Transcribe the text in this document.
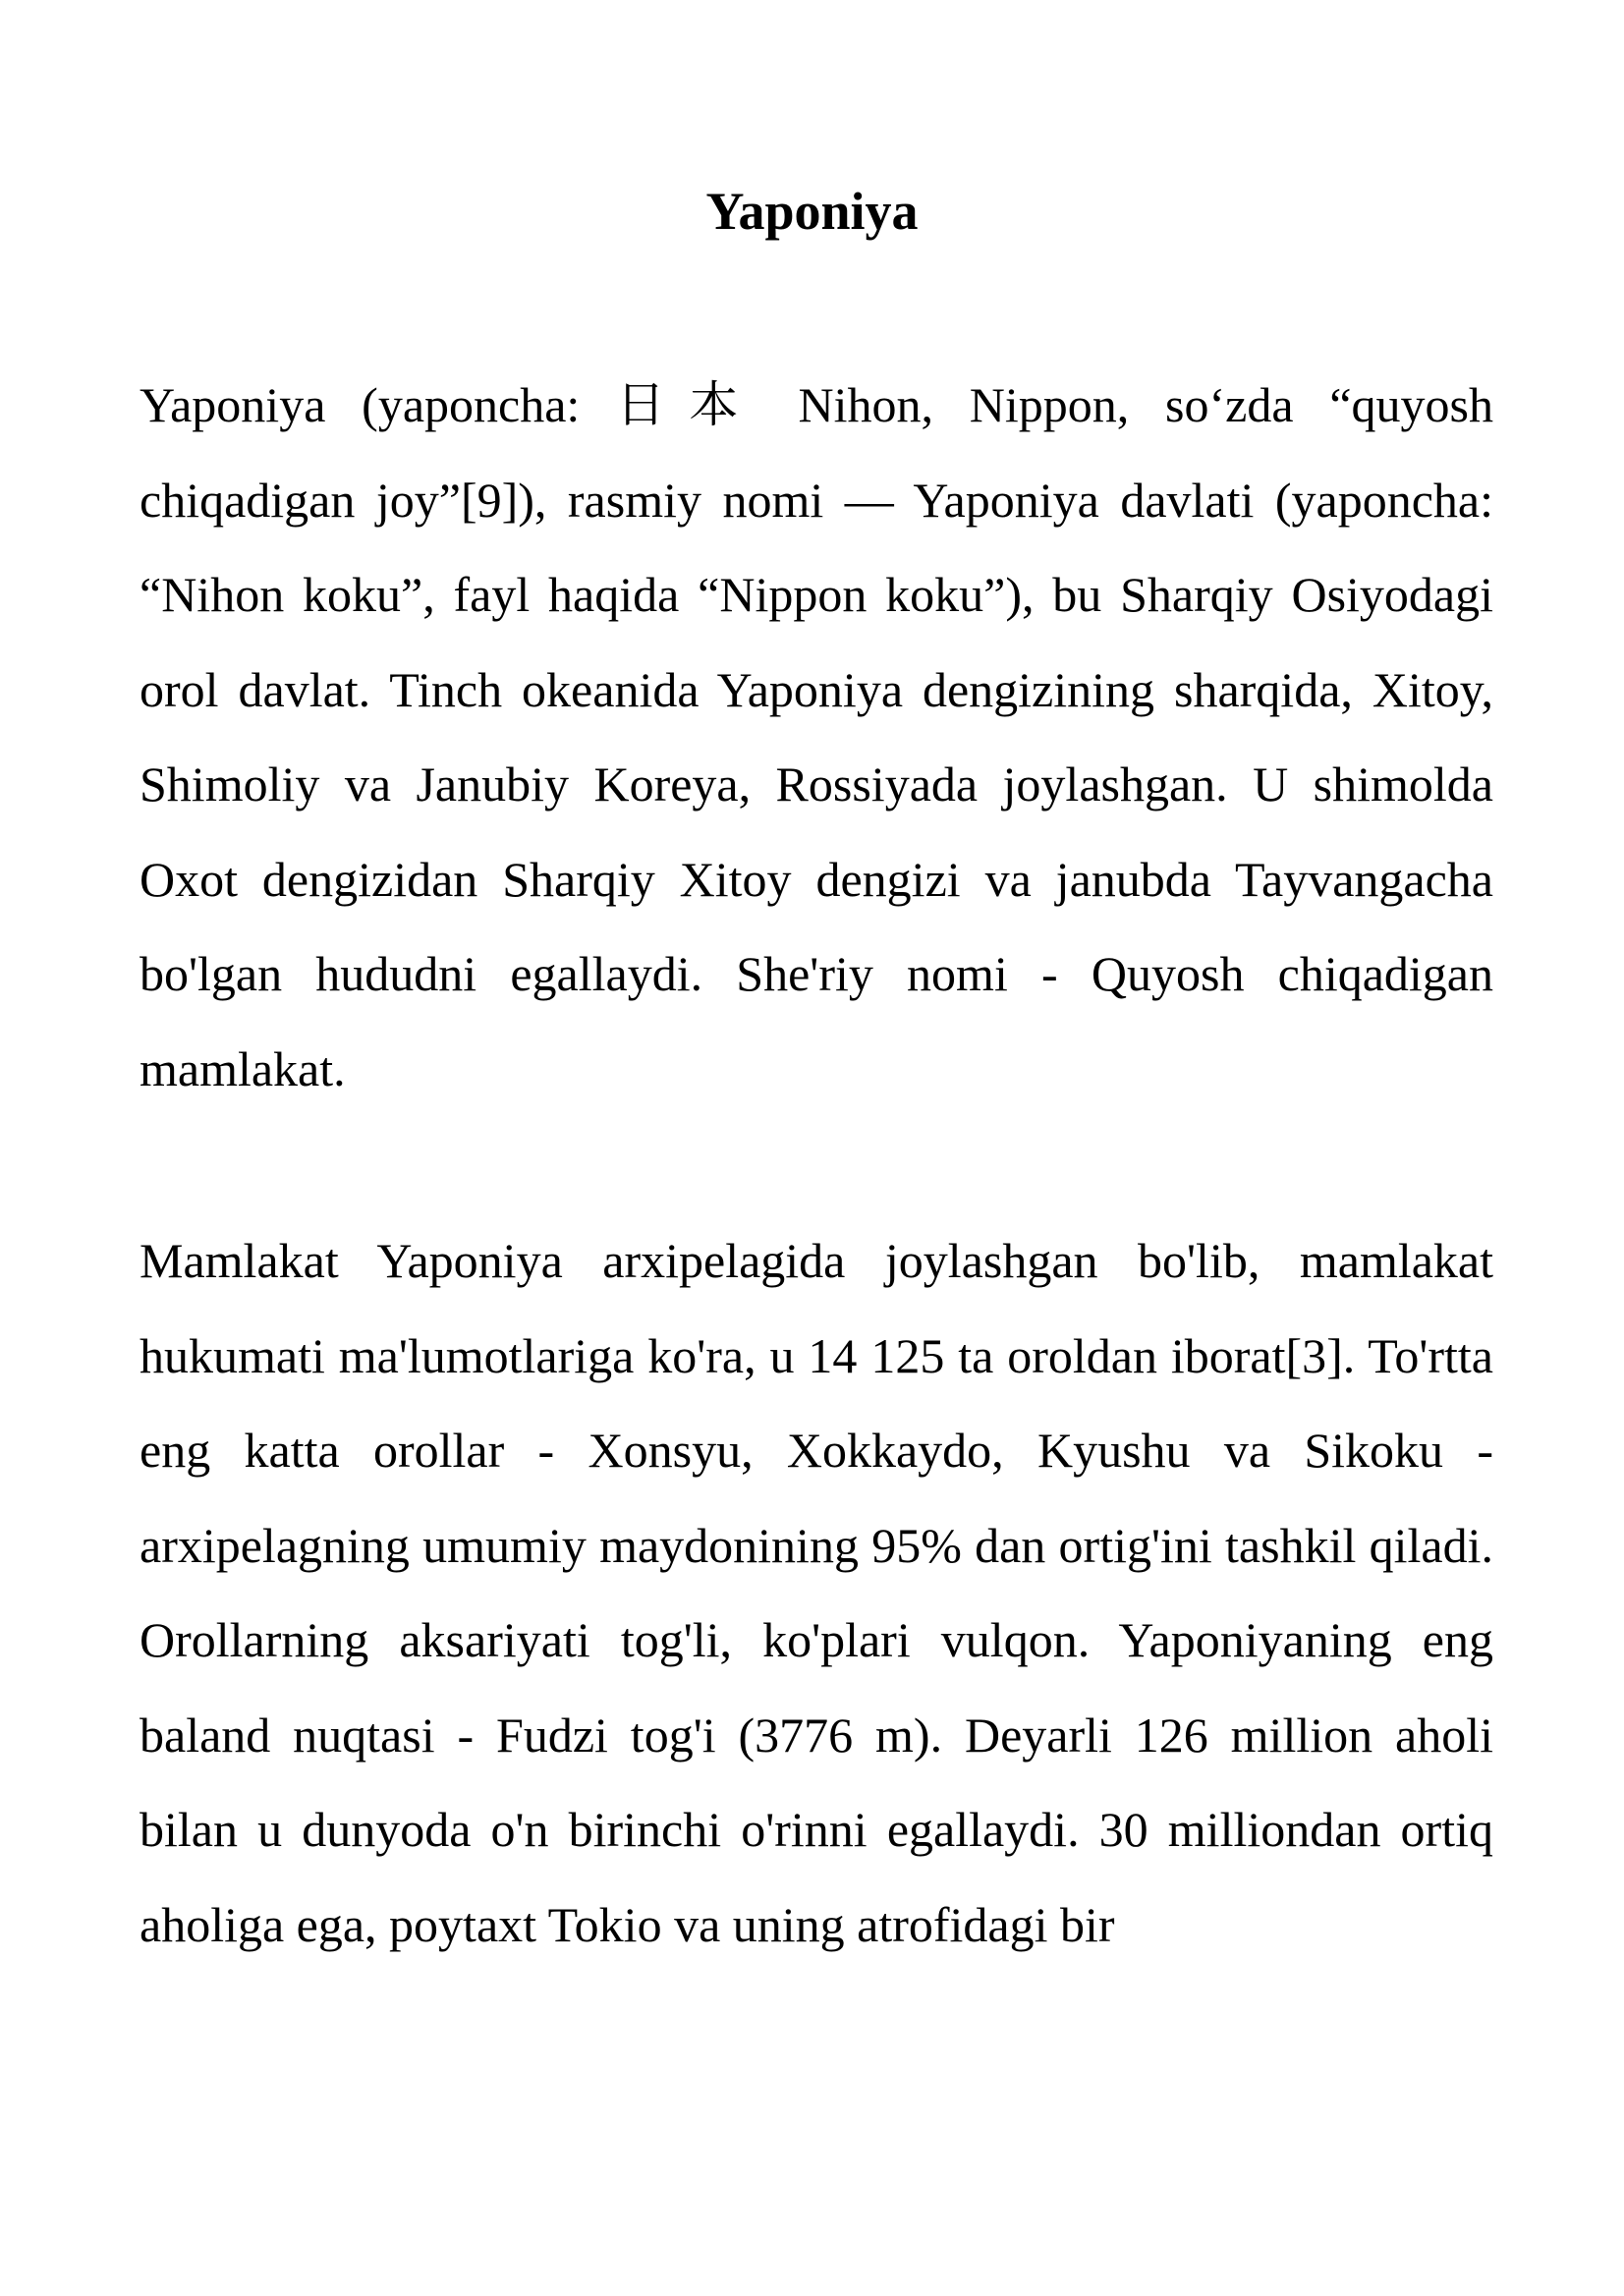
Yaponiya

Yaponiya (yaponcha: 日本 Nihon, Nippon, so‘zda “quyosh chiqadigan joy”[9]), rasmiy nomi — Yaponiya davlati (yaponcha: “Nihon koku”, fayl haqida “Nippon koku”), bu Sharqiy Osiyodagi orol davlat. Tinch okeanida Yaponiya dengizining sharqida, Xitoy, Shimoliy va Janubiy Koreya, Rossiyada joylashgan. U shimolda Oxot dengizidan Sharqiy Xitoy dengizi va janubda Tayvangacha bo'lgan hududni egallaydi. She'riy nomi - Quyosh chiqadigan mamlakat.

Mamlakat Yaponiya arxipelagida joylashgan bo'lib, mamlakat hukumati ma'lumotlariga ko'ra, u 14 125 ta oroldan iborat[3]. To'rtta eng katta orollar - Xonsyu, Xokkaydo, Kyushu va Sikoku - arxipelagning umumiy maydonining 95% dan ortig'ini tashkil qiladi. Orollarning aksariyati tog'li, ko'plari vulqon. Yaponiyaning eng baland nuqtasi - Fudzi tog'i (3776 m). Deyarli 126 million aholi bilan u dunyoda o'n birinchi o'rinni egallaydi. 30 milliondan ortiq aholiga ega, poytaxt Tokio va uning atrofidagi bir
